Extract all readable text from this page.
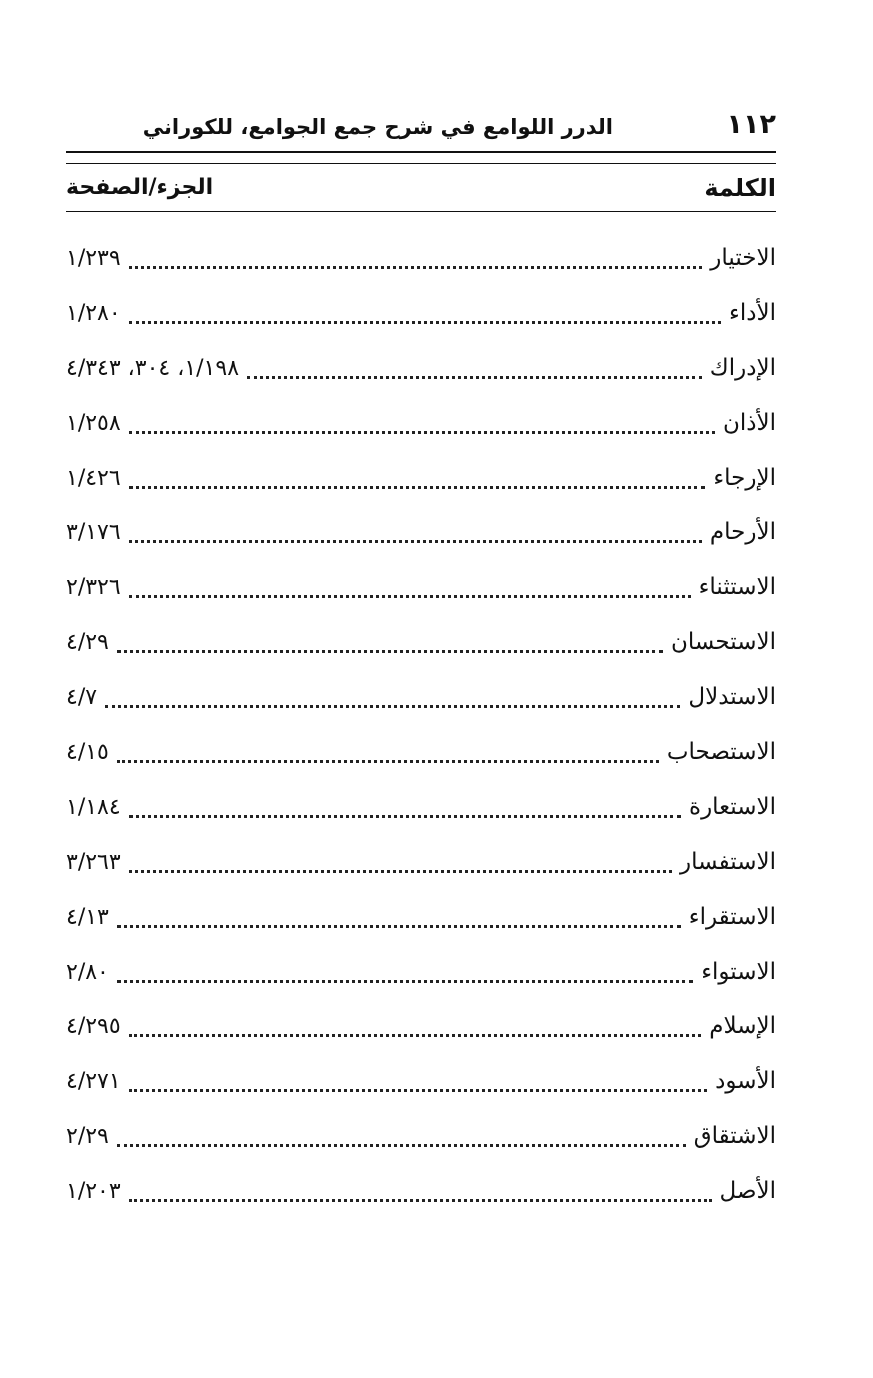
١١٢
الدرر اللوامع في شرح جمع الجوامع، للكوراني
الكلمة
الجزء/الصفحة
الاختيار
١/٢٣٩
الأداء
١/٢٨٠
الإدراك
١/١٩٨، ٣٠٤، ٤/٣٤٣
الأذان
١/٢٥٨
الإرجاء
١/٤٢٦
الأرحام
٣/١٧٦
الاستثناء
٢/٣٢٦
الاستحسان
٤/٢٩
الاستدلال
٤/٧
الاستصحاب
٤/١٥
الاستعارة
١/١٨٤
الاستفسار
٣/٢٦٣
الاستقراء
٤/١٣
الاستواء
٢/٨٠
الإسلام
٤/٢٩٥
الأسود
٤/٢٧١
الاشتقاق
٢/٢٩
الأصل
١/٢٠٣
